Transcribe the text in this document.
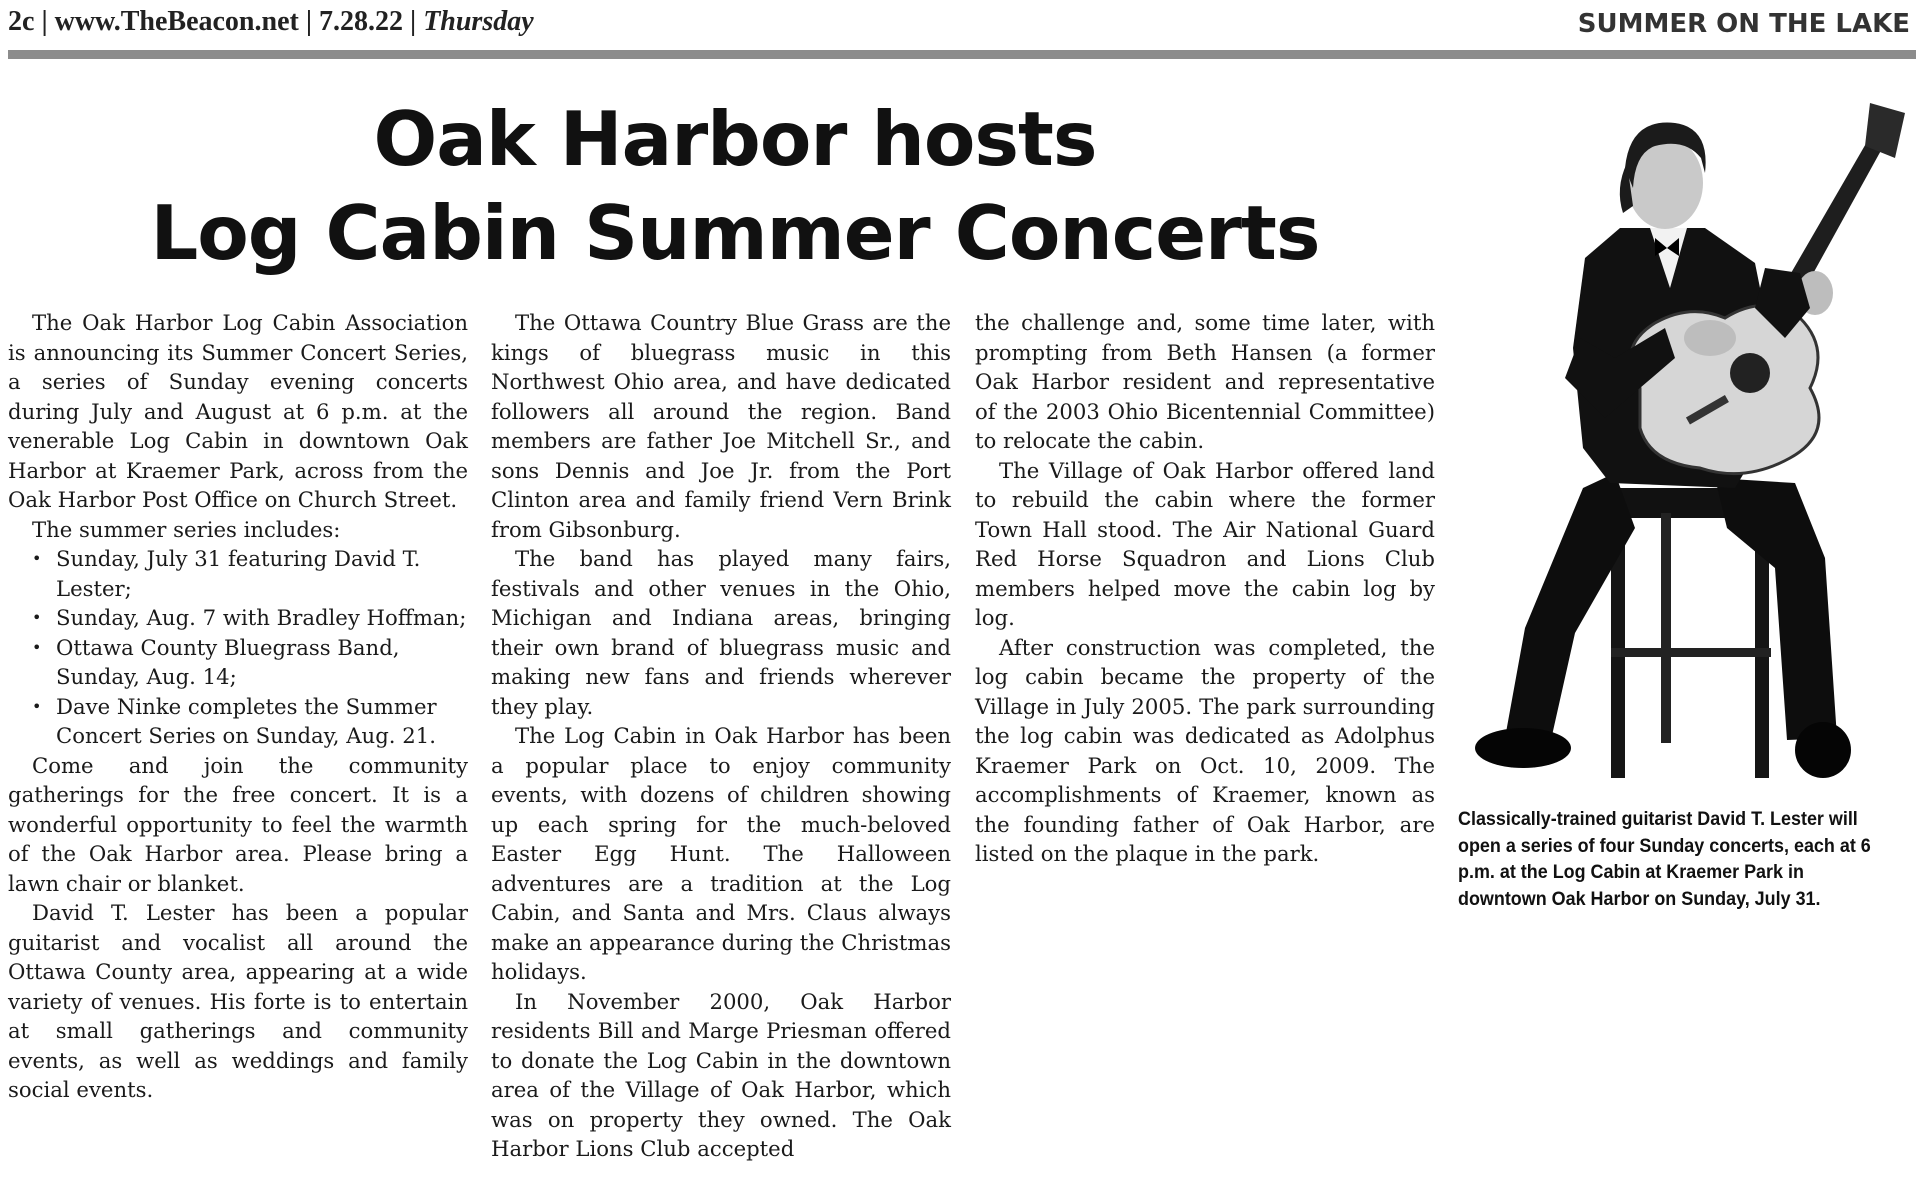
2c | www.TheBeacon.net | 7.28.22 | Thursday	SUMMER ON THE LAKE
Oak Harbor hosts
Log Cabin Summer Concerts

The Oak Harbor Log Cabin Association is announcing its Summer Concert Series, a series of Sunday evening concerts during July and August at 6 p.m. at the venerable Log Cabin in downtown Oak Harbor at Kraemer Park, across from the Oak Harbor Post Office on Church Street.

The summer series includes:

• Sunday, July 31 featuring David T. Lester;
• Sunday, Aug. 7 with Bradley Hoffman;
• Ottawa County Bluegrass Band, Sunday, Aug. 14;
• Dave Ninke completes the Summer Concert Series on Sunday, Aug. 21.

Come and join the community gatherings for the free concert. It is a wonderful opportunity to feel the warmth of the Oak Harbor area. Please bring a lawn chair or blanket.

David T. Lester has been a popular guitarist and vocalist all around the Ottawa County area, appearing at a wide variety of venues. His forte is to entertain at small gatherings and community events, as well as weddings and family social events.

The Ottawa Country Blue Grass are the kings of bluegrass music in this Northwest Ohio area, and have dedicated followers all around the region. Band members are father Joe Mitchell Sr., and sons Dennis and Joe Jr. from the Port Clinton area and family friend Vern Brink from Gibsonburg.

The band has played many fairs, festivals and other venues in the Ohio, Michigan and Indiana areas, bringing their own brand of bluegrass music and making new fans and friends wherever they play.

The Log Cabin in Oak Harbor has been a popular place to enjoy community events, with dozens of children showing up each spring for the much-beloved Easter Egg Hunt. The Halloween adventures are a tradition at the Log Cabin, and Santa and Mrs. Claus always make an appearance during the Christmas holidays.

In November 2000, Oak Harbor residents Bill and Marge Priesman offered to donate the Log Cabin in the downtown area of the Village of Oak Harbor, which was on property they owned. The Oak Harbor Lions Club accepted

the challenge and, some time later, with prompting from Beth Hansen (a former Oak Harbor resident and representative of the 2003 Ohio Bicentennial Committee) to relocate the cabin.

The Village of Oak Harbor offered land to rebuild the cabin where the former Town Hall stood. The Air National Guard Red Horse Squadron and Lions Club members helped move the cabin log by log.

After construction was completed, the log cabin became the property of the Village in July 2005. The park surrounding the log cabin was dedicated as Adolphus Kraemer Park on Oct. 10, 2009. The accomplishments of Kraemer, known as the founding father of Oak Harbor, are listed on the plaque in the park.

Classically-trained guitarist David T. Lester will open a series of four Sunday concerts, each at 6 p.m. at the Log Cabin at Kraemer Park in downtown Oak Harbor on Sunday, July 31.
